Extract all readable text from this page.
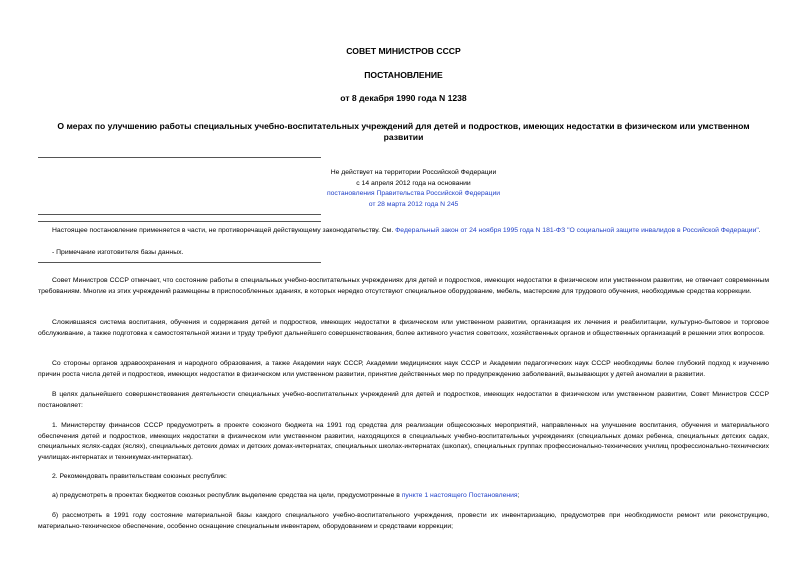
СОВЕТ МИНИСТРОВ СССР
ПОСТАНОВЛЕНИЕ
от 8 декабря 1990 года N 1238
О мерах по улучшению работы специальных учебно-воспитательных учреждений для детей и подростков, имеющих недостатки в физическом или умственном
развитии
Не действует на территории Российской Федерации
с 14 апреля 2012 года на основании
постановления Правительства Российской Федерации
от 28 марта 2012 года N 245
Настоящее постановление применяется в части, не противоречащей действующему законодательству. См. Федеральный закон от 24 ноября 1995 года N 181-ФЗ "О социальной защите инвалидов в Российской Федерации".
- Примечание изготовителя базы данных.
Совет Министров СССР отмечает, что состояние работы в специальных учебно-воспитательных учреждениях для детей и подростков, имеющих недостатки в физическом или умственном развитии, не отвечает современным требованиям. Многие из этих учреждений размещены в приспособленных зданиях, в которых нередко отсутствуют специальное оборудование, мебель, мастерские для трудового обучения, необходимые средства коррекции.
Сложившаяся система воспитания, обучения и содержания детей и подростков, имеющих недостатки в физическом или умственном развитии, организация их лечения и реабилитации, культурно-бытовое и торговое обслуживание, а также подготовка к самостоятельной жизни и труду требуют дальнейшего совершенствования, более активного участия советских, хозяйственных органов и общественных организаций в решении этих вопросов.
Со стороны органов здравоохранения и народного образования, а также Академии наук СССР, Академии медицинских наук СССР и Академии педагогических наук СССР необходимы более глубокий подход к изучению причин роста числа детей и подростков, имеющих недостатки в физическом или умственном развитии, принятие действенных мер по предупреждению заболеваний, вызывающих у детей аномалии в развитии.
В целях дальнейшего совершенствования деятельности специальных учебно-воспитательных учреждений для детей и подростков, имеющих недостатки в физическом или умственном развитии, Совет Министров СССР постановляет:
1. Министерству финансов СССР предусмотреть в проекте союзного бюджета на 1991 год средства для реализации общесоюзных мероприятий, направленных на улучшение воспитания, обучения и материального обеспечения детей и подростков, имеющих недостатки в физическом или умственном развитии, находящихся в специальных учебно-воспитательных учреждениях (специальных домах ребенка, специальных детских садах, специальных яслях-садах (яслях), специальных детских домах и детских домах-интернатах, специальных школах-интернатах (школах), специальных группах профессионально-технических училищ профессионально-технических училищах-интернатах и техникумах-интернатах).
2. Рекомендовать правительствам союзных республик:
а) предусмотреть в проектах бюджетов союзных республик выделение средства на цели, предусмотренные в пункте 1 настоящего Постановления;
б) рассмотреть в 1991 году состояние материальной базы каждого специального учебно-воспитательного учреждения, провести их инвентаризацию, предусмотрев при необходимости ремонт или реконструкцию, материально-техническое обеспечение, особенно оснащение специальным инвентарем, оборудованием и средствами коррекции;
